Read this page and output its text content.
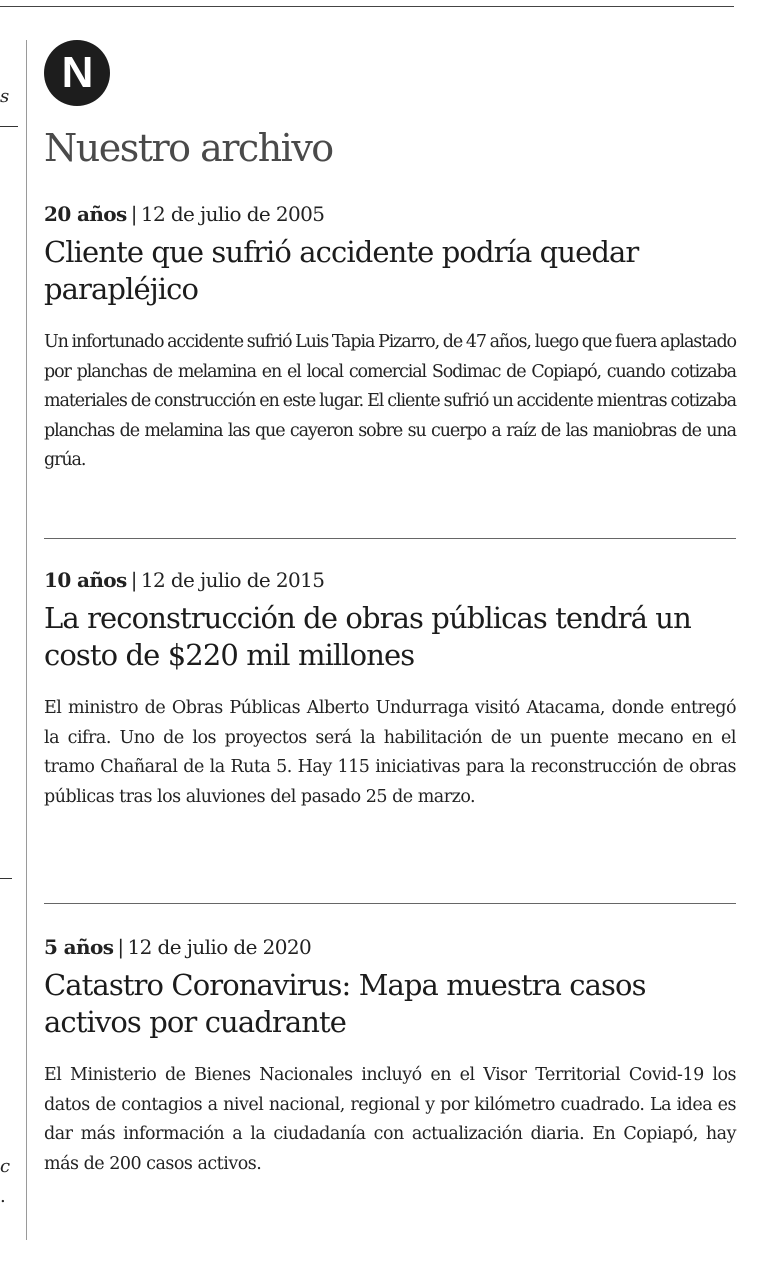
s
c
.
N
Nuestro archivo

20 años | 12 de julio de 2005

Cliente que sufrió accidente podría quedar parapléjico

Un infortunado accidente sufrió Luis Tapia Pizarro, de 47 años, luego que fuera aplastado por planchas de melamina en el local comercial Sodimac de Copiapó, cuando cotizaba materiales de construcción en este lugar. El cliente sufrió un accidente mientras cotizaba planchas de melamina las que cayeron sobre su cuerpo a raíz de las maniobras de una grúa.

10 años | 12 de julio de 2015

La reconstrucción de obras públicas tendrá un costo de $220 mil millones

El ministro de Obras Públicas Alberto Undurraga visitó Atacama, donde entregó la cifra. Uno de los proyectos será la habilitación de un puente mecano en el tramo Chañaral de la Ruta 5. Hay 115 iniciativas para la reconstrucción de obras públicas tras los aluviones del pasado 25 de marzo.

5 años | 12 de julio de 2020

Catastro Coronavirus: Mapa muestra casos activos por cuadrante

El Ministerio de Bienes Nacionales incluyó en el Visor Territorial Covid-19 los datos de contagios a nivel nacional, regional y por kilómetro cuadrado. La idea es dar más información a la ciudadanía con actualización diaria. En Copiapó, hay más de 200 casos activos.
